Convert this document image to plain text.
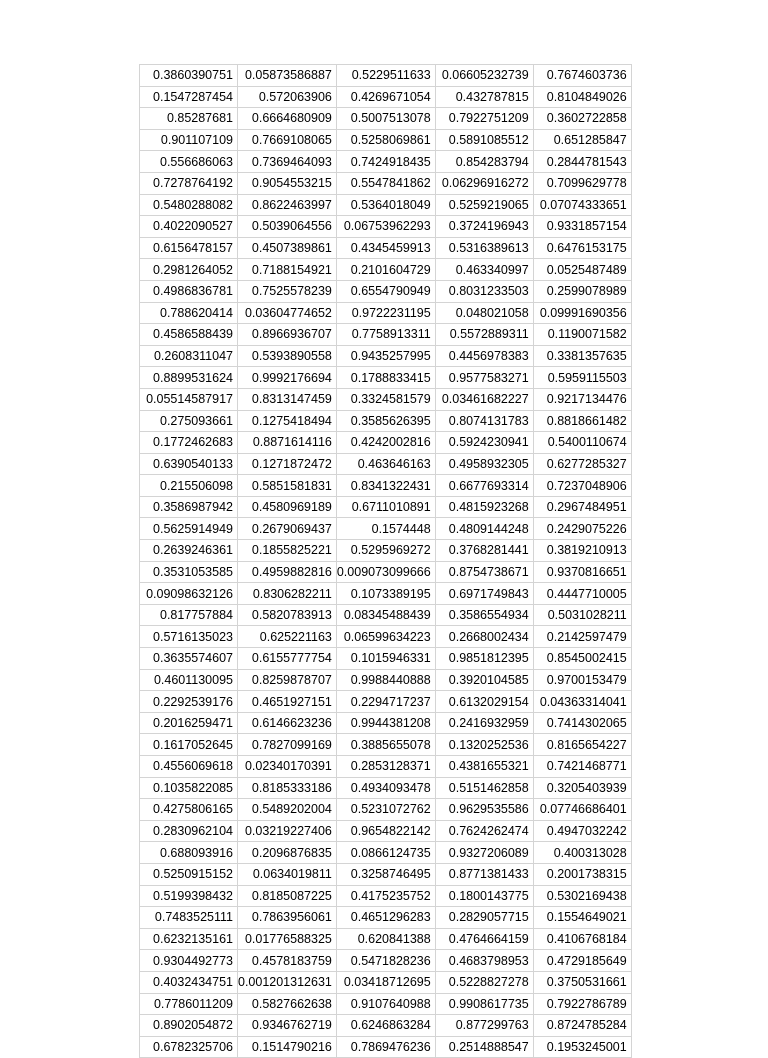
0.3860390751	0.05873586887	0.5229511633	0.06605232739	0.7674603736
0.1547287454	0.572063906	0.4269671054	0.432787815	0.8104849026
0.85287681	0.6664680909	0.5007513078	0.7922751209	0.3602722858
0.901107109	0.7669108065	0.5258069861	0.5891085512	0.651285847
0.556686063	0.7369464093	0.7424918435	0.854283794	0.2844781543
0.7278764192	0.9054553215	0.5547841862	0.06296916272	0.7099629778
0.5480288082	0.8622463997	0.5364018049	0.5259219065	0.07074333651
0.4022090527	0.5039064556	0.06753962293	0.3724196943	0.9331857154
0.6156478157	0.4507389861	0.4345459913	0.5316389613	0.6476153175
0.2981264052	0.7188154921	0.2101604729	0.463340997	0.0525487489
0.4986836781	0.7525578239	0.6554790949	0.8031233503	0.2599078989
0.788620414	0.03604774652	0.9722231195	0.048021058	0.09991690356
0.4586588439	0.8966936707	0.7758913311	0.5572889311	0.1190071582
0.2608311047	0.5393890558	0.9435257995	0.4456978383	0.3381357635
0.8899531624	0.9992176694	0.1788833415	0.9577583271	0.5959115503
0.05514587917	0.8313147459	0.3324581579	0.03461682227	0.9217134476
0.275093661	0.1275418494	0.3585626395	0.8074131783	0.8818661482
0.1772462683	0.8871614116	0.4242002816	0.5924230941	0.5400110674
0.6390540133	0.1271872472	0.463646163	0.4958932305	0.6277285327
0.215506098	0.5851581831	0.8341322431	0.6677693314	0.7237048906
0.3586987942	0.4580969189	0.6711010891	0.4815923268	0.2967484951
0.5625914949	0.2679069437	0.1574448	0.4809144248	0.2429075226
0.2639246361	0.1855825221	0.5295969272	0.3768281441	0.3819210913
0.3531053585	0.4959882816	0.009073099666	0.8754738671	0.9370816651
0.09098632126	0.8306282211	0.1073389195	0.6971749843	0.4447710005
0.817757884	0.5820783913	0.08345488439	0.3586554934	0.5031028211
0.5716135023	0.625221163	0.06599634223	0.2668002434	0.2142597479
0.3635574607	0.6155777754	0.1015946331	0.9851812395	0.8545002415
0.4601130095	0.8259878707	0.9988440888	0.3920104585	0.9700153479
0.2292539176	0.4651927151	0.2294717237	0.6132029154	0.04363314041
0.2016259471	0.6146623236	0.9944381208	0.2416932959	0.7414302065
0.1617052645	0.7827099169	0.3885655078	0.1320252536	0.8165654227
0.4556069618	0.02340170391	0.2853128371	0.4381655321	0.7421468771
0.1035822085	0.8185333186	0.4934093478	0.5151462858	0.3205403939
0.4275806165	0.5489202004	0.5231072762	0.9629535586	0.07746686401
0.2830962104	0.03219227406	0.9654822142	0.7624262474	0.4947032242
0.688093916	0.2096876835	0.0866124735	0.9327206089	0.400313028
0.5250915152	0.0634019811	0.3258746495	0.8771381433	0.2001738315
0.5199398432	0.8185087225	0.4175235752	0.1800143775	0.5302169438
0.7483525111	0.7863956061	0.4651296283	0.2829057715	0.1554649021
0.6232135161	0.01776588325	0.620841388	0.4764664159	0.4106768184
0.9304492773	0.4578183759	0.5471828236	0.4683798953	0.4729185649
0.4032434751	0.001201312631	0.03418712695	0.5228827278	0.3750531661
0.7786011209	0.5827662638	0.9107640988	0.9908617735	0.7922786789
0.8902054872	0.9346762719	0.6246863284	0.877299763	0.8724785284
0.6782325706	0.1514790216	0.7869476236	0.2514888547	0.1953245001
